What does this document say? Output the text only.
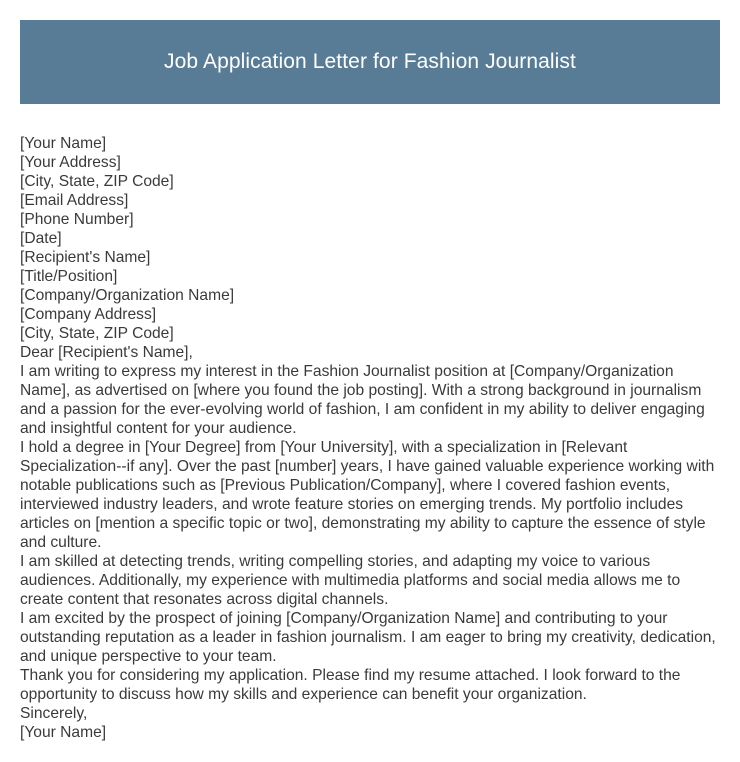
Job Application Letter for Fashion Journalist

[Your Name]

[Your Address]

[City, State, ZIP Code]

[Email Address]

[Phone Number]

[Date]

[Recipient's Name]

[Title/Position]

[Company/Organization Name]

[Company Address]

[City, State, ZIP Code]

Dear [Recipient's Name],

I am writing to express my interest in the Fashion Journalist position at [Company/Organization Name], as advertised on [where you found the job posting]. With a strong background in journalism and a passion for the ever-evolving world of fashion, I am confident in my ability to deliver engaging and insightful content for your audience.

I hold a degree in [Your Degree] from [Your University], with a specialization in [Relevant Specialization--if any]. Over the past [number] years, I have gained valuable experience working with notable publications such as [Previous Publication/Company], where I covered fashion events, interviewed industry leaders, and wrote feature stories on emerging trends. My portfolio includes articles on [mention a specific topic or two], demonstrating my ability to capture the essence of style and culture.

I am skilled at detecting trends, writing compelling stories, and adapting my voice to various audiences. Additionally, my experience with multimedia platforms and social media allows me to create content that resonates across digital channels.

I am excited by the prospect of joining [Company/Organization Name] and contributing to your outstanding reputation as a leader in fashion journalism. I am eager to bring my creativity, dedication, and unique perspective to your team.

Thank you for considering my application. Please find my resume attached. I look forward to the opportunity to discuss how my skills and experience can benefit your organization.

Sincerely,

[Your Name]
